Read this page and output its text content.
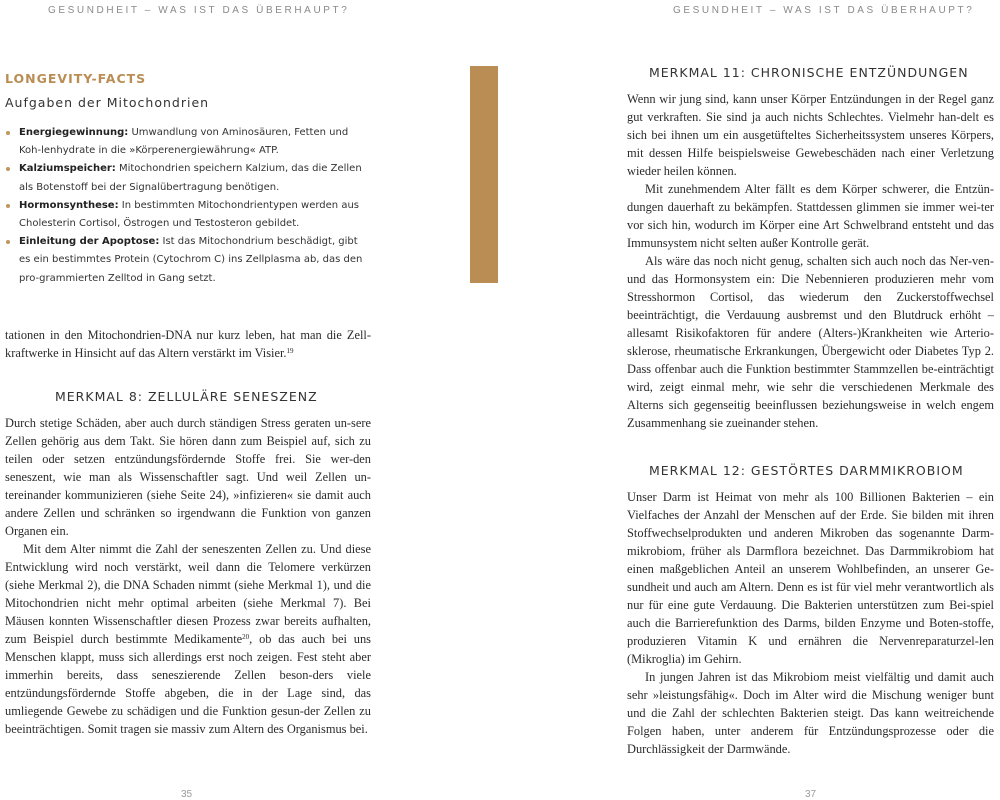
GESUNDHEIT – WAS IST DAS ÜBERHAUPT?

LONGEVITY-FACTS

Aufgaben der Mitochondrien

Energiegewinnung: Umwandlung von Aminosäuren, Fetten und Koh-lenhydrate in die »Körperenergiewährung« ATP.
Kalziumspeicher: Mitochondrien speichern Kalzium, das die Zellen als Botenstoff bei der Signalübertragung benötigen.
Hormonsynthese: In bestimmten Mitochondrientypen werden aus Cholesterin Cortisol, Östrogen und Testosteron gebildet.
Einleitung der Apoptose: Ist das Mitochondrium beschädigt, gibt es ein bestimmtes Protein (Cytochrom C) ins Zellplasma ab, das den pro-grammierten Zelltod in Gang setzt.

tationen in den Mitochondrien-DNA nur kurz leben, hat man die Zell-kraftwerke in Hinsicht auf das Altern verstärkt im Visier.$^{19}$

MERKMAL 8: ZELLULÄRE SENESZENZ

Durch stetige Schäden, aber auch durch ständigen Stress geraten un-sere Zellen gehörig aus dem Takt. Sie hören dann zum Beispiel auf, sich zu teilen oder setzen entzündungsfördernde Stoffe frei. Sie wer-den seneszent, wie man als Wissenschaftler sagt. Und weil Zellen un-tereinander kommunizieren (siehe Seite 24), »infizieren« sie damit auch andere Zellen und schränken so irgendwann die Funktion von ganzen Organen ein.

Mit dem Alter nimmt die Zahl der seneszenten Zellen zu. Und diese Entwicklung wird noch verstärkt, weil dann die Telomere verkürzen (siehe Merkmal 2), die DNA Schaden nimmt (siehe Merkmal 1), und die Mitochondrien nicht mehr optimal arbeiten (siehe Merkmal 7). Bei Mäusen konnten Wissenschaftler diesen Prozess zwar bereits aufhalten, zum Beispiel durch bestimmte Medikamente$^{20}$, ob das auch bei uns Menschen klappt, muss sich allerdings erst noch zeigen. Fest steht aber immerhin bereits, dass seneszierende Zellen beson-ders viele entzündungsfördernde Stoffe abgeben, die in der Lage sind, das umliegende Gewebe zu schädigen und die Funktion gesun-der Zellen zu beeinträchtigen. Somit tragen sie massiv zum Altern des Organismus bei.

35
GESUNDHEIT – WAS IST DAS ÜBERHAUPT?
MERKMAL 11: CHRONISCHE ENTZÜNDUNGEN

Wenn wir jung sind, kann unser Körper Entzündungen in der Regel ganz gut verkraften. Sie sind ja auch nichts Schlechtes. Vielmehr han-delt es sich bei ihnen um ein ausgetüfteltes Sicherheitssystem unseres Körpers, mit dessen Hilfe beispielsweise Gewebeschäden nach einer Verletzung wieder heilen können.

Mit zunehmendem Alter fällt es dem Körper schwerer, die Entzün-dungen dauerhaft zu bekämpfen. Stattdessen glimmen sie immer wei-ter vor sich hin, wodurch im Körper eine Art Schwelbrand entsteht und das Immunsystem nicht selten außer Kontrolle gerät.

Als wäre das noch nicht genug, schalten sich auch noch das Ner-ven- und das Hormonsystem ein: Die Nebennieren produzieren mehr vom Stresshormon Cortisol, das wiederum den Zuckerstoffwechsel beeinträchtigt, die Verdauung ausbremst und den Blutdruck erhöht – allesamt Risikofaktoren für andere (Alters-)Krankheiten wie Arterio-sklerose, rheumatische Erkrankungen, Übergewicht oder Diabetes Typ 2. Dass offenbar auch die Funktion bestimmter Stammzellen be-einträchtigt wird, zeigt einmal mehr, wie sehr die verschiedenen Merkmale des Alterns sich gegenseitig beeinflussen beziehungsweise in welch engem Zusammenhang sie zueinander stehen.

MERKMAL 12: GESTÖRTES DARMMIKROBIOM

Unser Darm ist Heimat von mehr als 100 Billionen Bakterien – ein Vielfaches der Anzahl der Menschen auf der Erde. Sie bilden mit ihren Stoffwechselprodukten und anderen Mikroben das sogenannte Darm-mikrobiom, früher als Darmflora bezeichnet. Das Darmmikrobiom hat einen maßgeblichen Anteil an unserem Wohlbefinden, an unserer Ge-sundheit und auch am Altern. Denn es ist für viel mehr verantwortlich als nur für eine gute Verdauung. Die Bakterien unterstützen zum Bei-spiel auch die Barrierefunktion des Darms, bilden Enzyme und Boten-stoffe, produzieren Vitamin K und ernähren die Nervenreparaturzel-len (Mikroglia) im Gehirn.

In jungen Jahren ist das Mikrobiom meist vielfältig und damit auch sehr »leistungsfähig«. Doch im Alter wird die Mischung weniger bunt und die Zahl der schlechten Bakterien steigt. Das kann weitreichende Folgen haben, unter anderem für Entzündungsprozesse oder die Durchlässigkeit der Darmwände.

37
